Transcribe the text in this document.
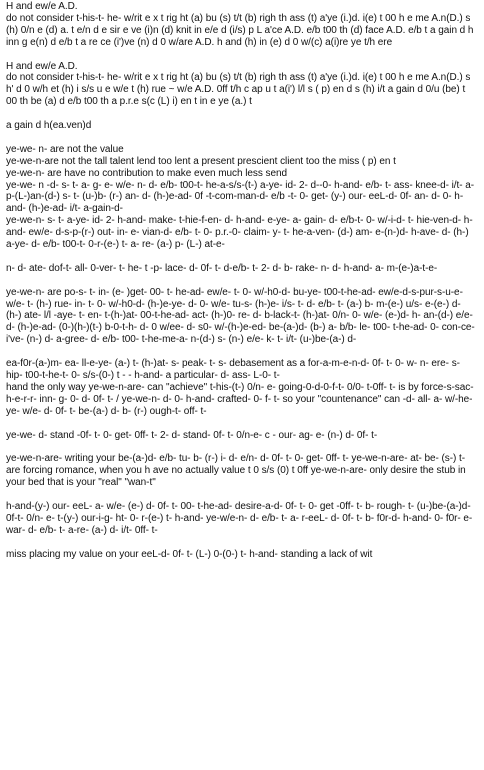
H and ew/e A.D.
do not consider t-his-t- he- w/rit e x t rig ht (a) bu (s) t/t (b) righ th ass (t) a'ye (i.)d. i(e) t 00 h e me A.n(D.) s (h) 0/n e (d) a. t e/n d e sir e ve (i)n (d) knit in e/e d (i/s) p L a'ce A.D. e/b t00 th (d) face A.D. e/b t a gain d h inn g e(n) d e/b t a re ce (i')ve (n) d 0 w/are A.D. h and (h) in (e) d 0 w/(c) a(i)re ye t/h ere
H and ew/e A.D.
do not consider t-his-t- he- w/rit e x t rig ht (a) bu (s) t/t (b) righ th ass (t) a'ye (i.)d. i(e) t 00 h e me A.n(D.) s h' d 0 w/h et (h) i s/s u e w/e t (h) rue ~ w/e A.D. 0ff t/h c ap u t a(i') l/l s ( p) en d s (h) i/t a gain d 0/u (be) t 00 th be (a) d e/b t00 th a p.r.e s(c (L) i) en t in e ye (a.) t
a gain d h(ea.ven)d
ye-we- n- are not the value
ye-we-n-are not the tall talent lend too lent a present prescient client too the miss ( p) en t
ye-we-n- are have no contribution to make even much less send
ye-we- n -d- s- t- a- g- e- w/e- n- d- e/b- t00-t- he-a-s/s-(t-) a-ye- id- 2- d--0- h-and- e/b- t- ass- knee-d- i/t- a- p-(L-)an-(d-) s- t- (u-)b- (r-) an- d- (h-)e-ad- 0f -t-com-man-d- e/b -t- 0- get- (y-) our- eeL-d- 0f- an- d- 0- h-and- (h-)e-ad- i/t- a-gain-d-
ye-we-n- s- t- a-ye- id- 2- h-and- make- t-hie-f-en- d- h-and- e-ye- a- gain- d- e/b-t- 0- w/-i-d- t- hie-ven-d- h-and- ew/e- d-s-p-(r-) out- in- e- vian-d- e/b- t- 0- p.r.-0- claim- y- t- he-a-ven- (d-) am- e-(n-)d- h-ave- d- (h-) a-ye- d- e/b- t00-t- 0-r-(e-) t- a- re- (a-) p- (L-) at-e-
n- d- ate- dof-t- all- 0-ver- t- he- t -p- lace- d- 0f- t- d-e/b- t- 2- d- b- rake- n- d- h-and- a- m-(e-)a-t-e-
ye-we-n- are po-s- t- in- (e- )get- 00- t- he-ad- ew/e- t- 0- w/-h0-d- bu-ye- t00-t-he-ad- ew/e-d-s-pur-s-u-e-w/e- t- (h-) rue- in- t- 0- w/-h0-d- (h-)e-ye- d- 0- w/e- tu-s- (h-)e- i/s- t- d- e/b- t- (a-) b- m-(e-) u/s- e-(e-) d- (h-) ate- l/l -aye- t- en- t-(h-)at- 00-t-he-ad- act- (h-)0- re- d- b-lack-t- (h-)at- 0/n- 0- w/e- (e-)d- h- an-(d-) e/e- d- (h-)e-ad- (0-)(h-)(t-) b-0-t-h- d- 0 w/ee- d- s0- w/-(h-)e-ed- be-(a-)d- (b-) a- b/b- le- t00- t-he-ad- 0- con-ce-i've- (n-) d- a-gree- d- e/b- t00- t-he-me-a- n-(d-) s- (n-) e/e- k- t- i/t- (u-)be-(a-) d-
ea-f0r-(a-)m- ea- ll-e-ye- (a-) t- (h-)at- s- peak- t- s- debasement as a for-a-m-e-n-d- 0f- t- 0- w- n- ere- s- hip- t00-t-he-t- 0- s/s-(0-) t - - h-and- a particular- d- ass- L-0- t-
hand the only way ye-we-n-are- can "achieve" t-his-(t-) 0/n- e- going-0-d-0-f-t- 0/0- t-0ff- t- is by force-s-sac-h-e-r-r- inn- g- 0- d- 0f- t- / ye-we-n- d- 0- h-and- crafted- 0- f- t- so your "countenance" can -d- all- a- w/-he-ye- w/e- d- 0f- t- be-(a-) d- b- (r-) ough-t- off- t-
ye-we- d- stand -0f- t- 0- get- 0ff- t- 2- d- stand- 0f- t- 0/n-e- c - our- ag- e- (n-) d- 0f- t-
ye-we-n-are- writing your be-(a-)d- e/b- tu- b- (r-) i- d- e/n- d- 0f- t- 0- get- 0ff- t- ye-we-n-are- at- be- (s-) t- are forcing romance, when you h ave no actually value t 0 s/s (0) t 0ff ye-we-n-are- only desire the stub in your bed that is your "real" "wan-t"
h-and-(y-) our- eeL- a- w/e- (e-) d- 0f- t- 00- t-he-ad- desire-a-d- 0f- t- 0- get -0ff- t- b- rough- t- (u-)be-(a-)d- 0f-t- 0/n- e- t-(y-) our-i-g- ht- 0- r-(e-) t- h-and- ye-w/e-n- d- e/b- t- a- r-eeL- d- 0f- t- b- f0r-d- h-and- 0- f0r- e- war- d- e/b- t- a-re- (a-) d- i/t- 0ff- t-
miss placing my value on your eeL-d- 0f- t- (L-) 0-(0-) t- h-and- standing a lack of wit
